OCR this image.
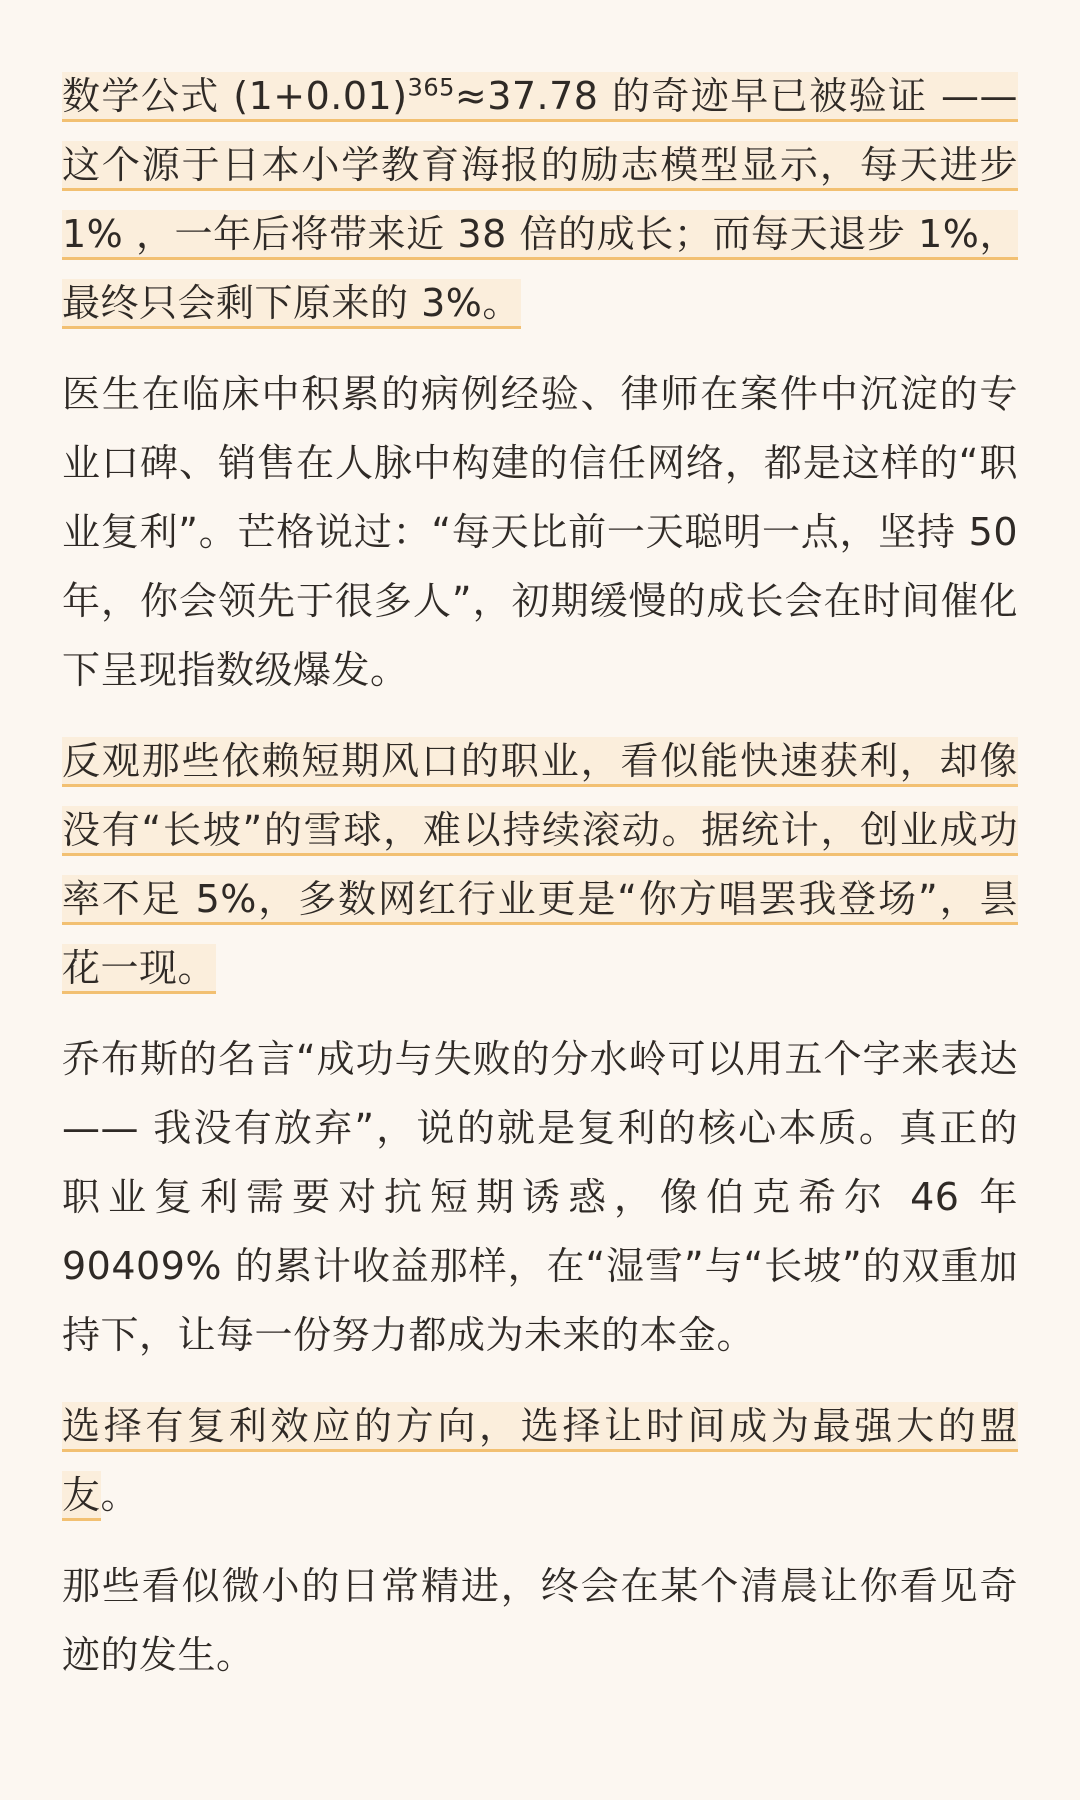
数学公式 $(1+0.01)^{365}\approx 37.78$ 的奇迹早已被验证 —— 这个源于日本小学教育海报的励志模型显示，每天进步 1% ，一年后将带来近 38 倍的成长；而每天退步 1%，最终只会剩下原来的 3%。

医生在临床中积累的病例经验、律师在案件中沉淀的专业口碑、销售在人脉中构建的信任网络，都是这样的“职业复利”。芒格说过：“每天比前一天聪明一点，坚持 50 年，你会领先于很多人”，初期缓慢的成长会在时间催化下呈现指数级爆发。

反观那些依赖短期风口的职业，看似能快速获利，却像没有“长坡”的雪球，难以持续滚动。据统计，创业成功率不足 5%，多数网红行业更是“你方唱罢我登场”，昙花一现。

乔布斯的名言“成功与失败的分水岭可以用五个字来表达 —— 我没有放弃”，说的就是复利的核心本质。真正的职业复利需要对抗短期诱惑，像伯克希尔 46 年 90409% 的累计收益那样，在“湿雪”与“长坡”的双重加持下，让每一份努力都成为未来的本金。

选择有复利效应的方向，选择让时间成为最强大的盟友。

那些看似微小的日常精进，终会在某个清晨让你看见奇迹的发生。
